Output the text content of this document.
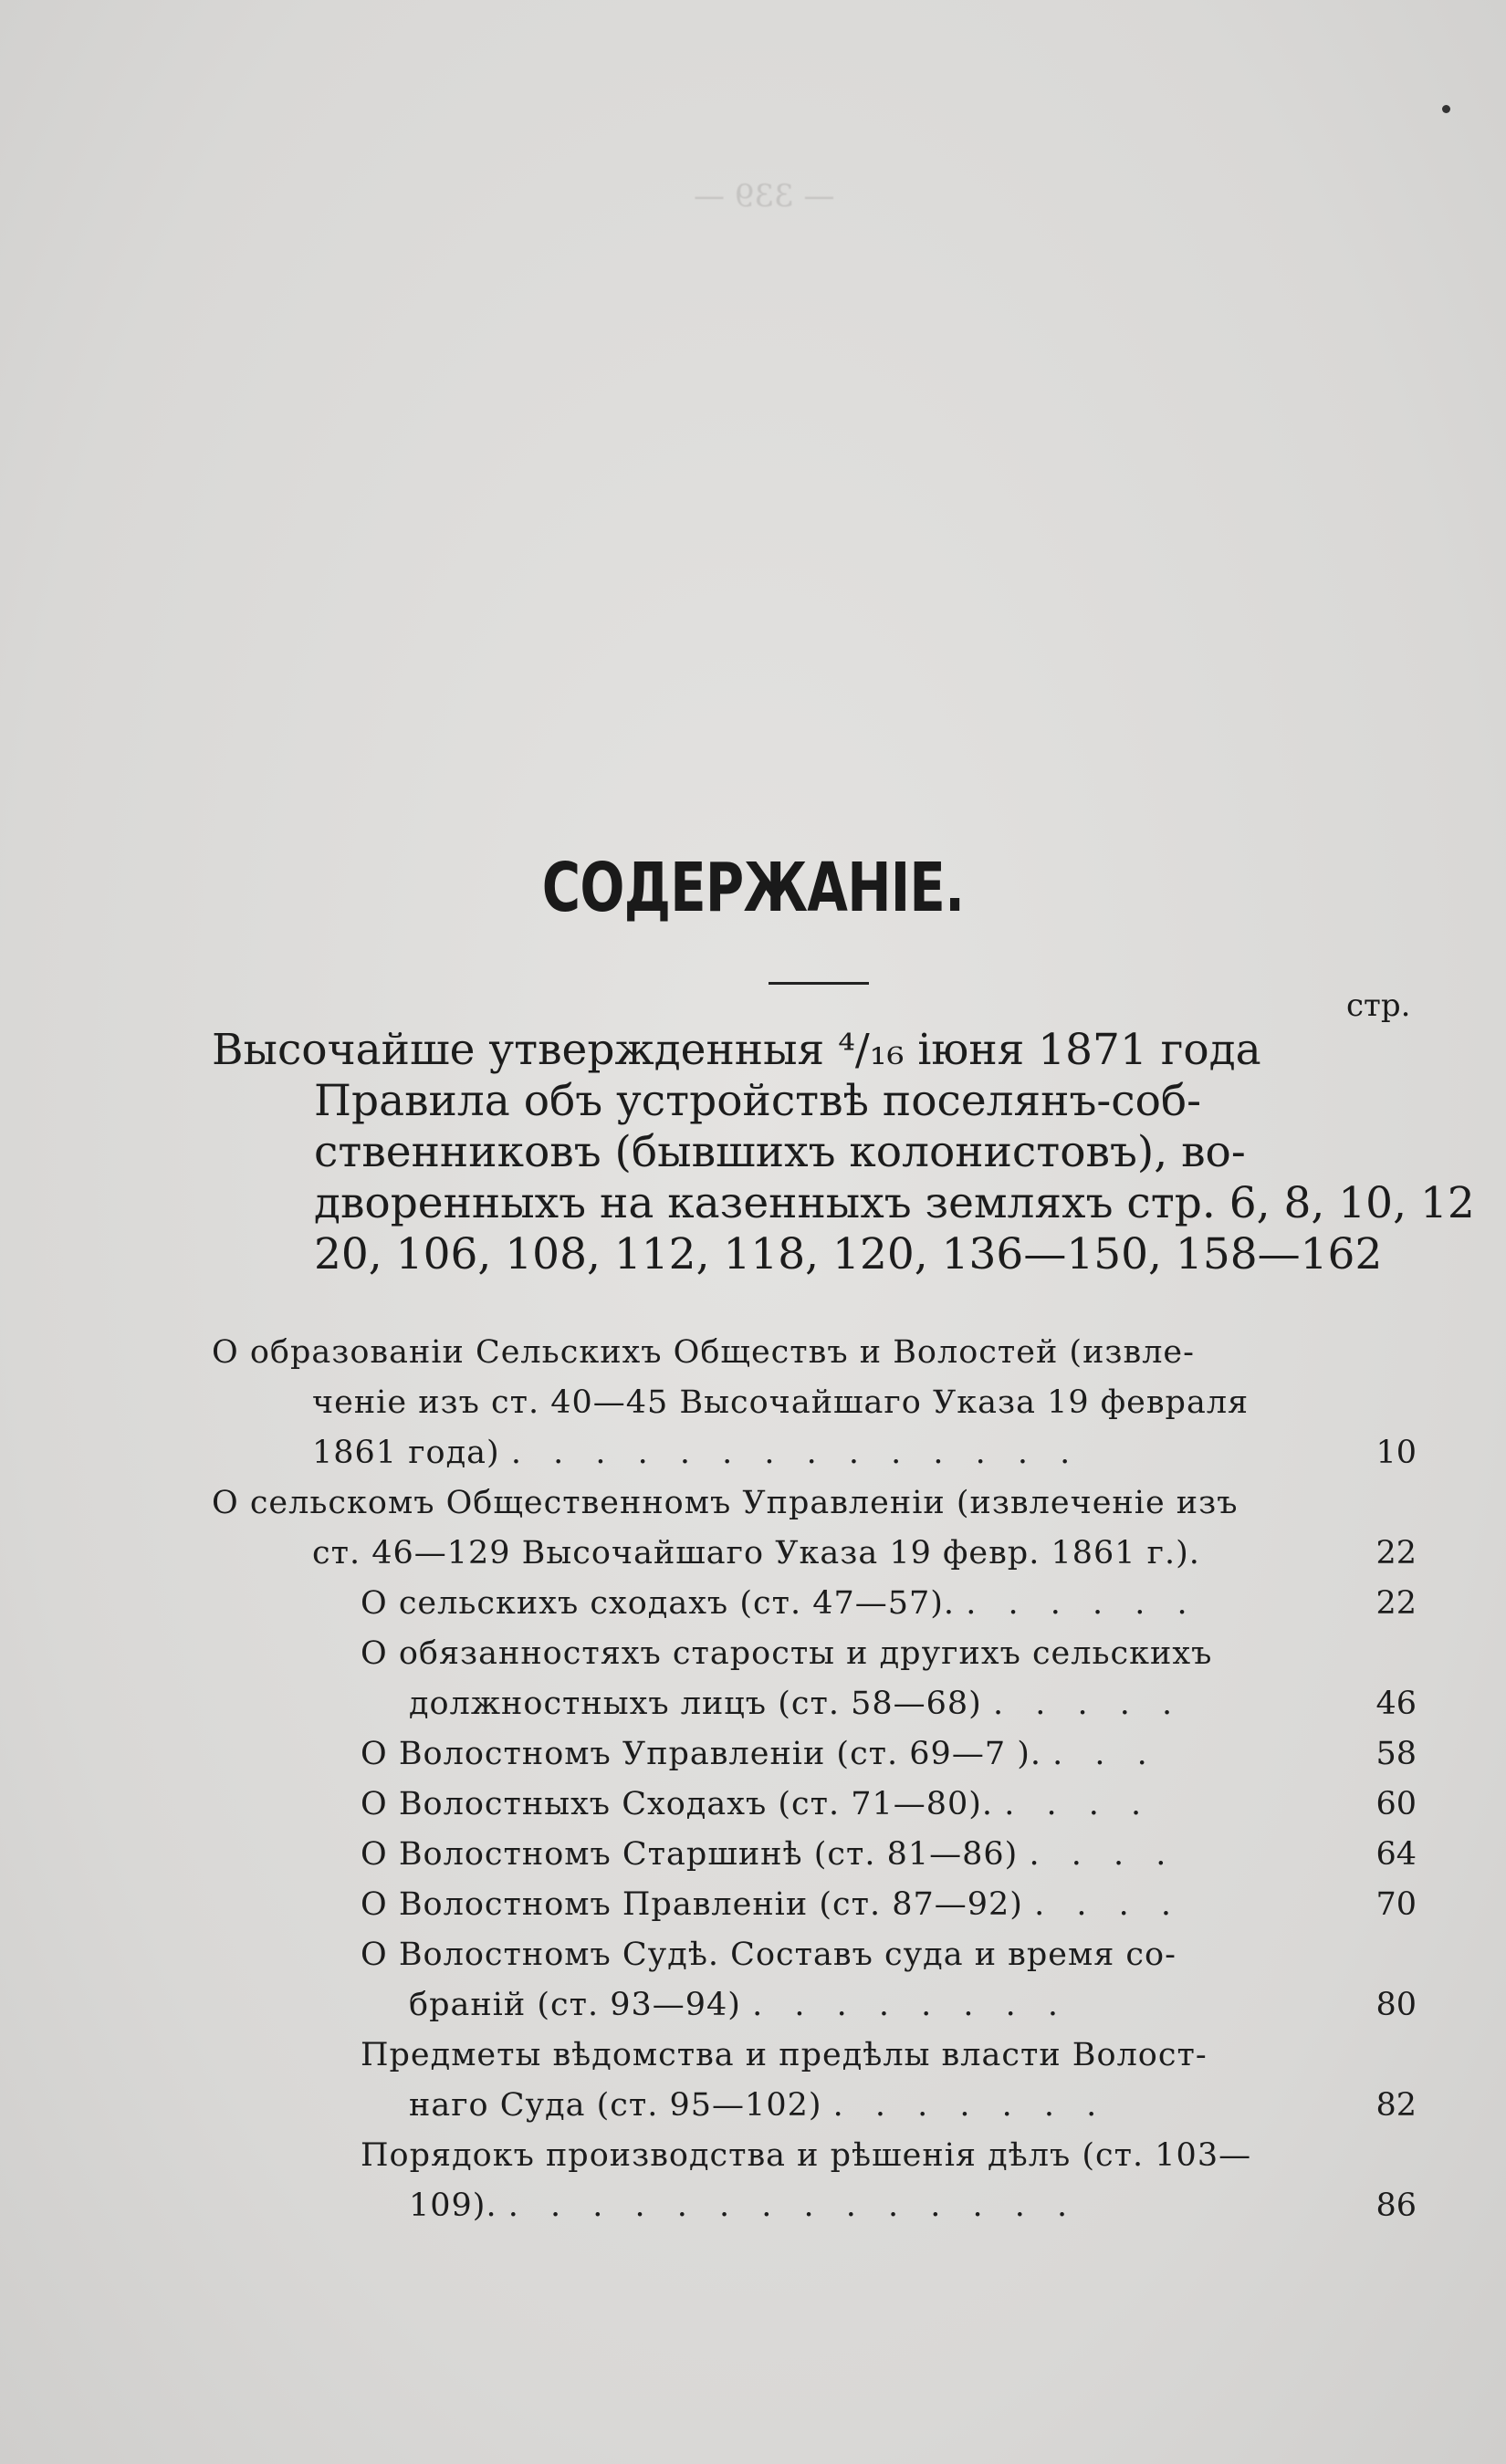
— 339 —
СОДЕРЖАНІЕ.
стр.
Высочайше утвержденныя ⁴/₁₆ іюня 1871 года
Правила объ устройствѣ поселянъ-соб-
ственниковъ (бывшихъ колонистовъ), во-
дворенныхъ на казенныхъ земляхъ стр. 6, 8, 10, 12
20, 106, 108, 112, 118, 120, 136—150, 158—162
О образованіи Сельскихъ Обществъ и Волостей (извле-
ченіе изъ ст. 40—45 Высочайшаго Указа 19 февраля
1861 года) . . . . . . . . . . . . . .	10
О сельскомъ Общественномъ Управленіи (извлеченіе изъ
ст. 46—129 Высочайшаго Указа 19 февр. 1861 г.).	22
О сельскихъ сходахъ (ст. 47—57). . . . . . .	22
О обязанностяхъ старосты и другихъ сельскихъ
должностныхъ лицъ (ст. 58—68) . . . . .	46
О Волостномъ Управленіи (ст. 69—7 ). . . .	58
О Волостныхъ Сходахъ (ст. 71—80). . . . .	60
О Волостномъ Старшинѣ (ст. 81—86) . . . .	64
О Волостномъ Правленіи (ст. 87—92) . . . .	70
О Волостномъ Судѣ. Составъ суда и время со-
браній (ст. 93—94) . . . . . . . .	80
Предметы вѣдомства и предѣлы власти Волост-
наго Суда (ст. 95—102) . . . . . . .	82
Порядокъ производства и рѣшенія дѣлъ (ст. 103—
109). . . . . . . . . . . . . . .	86
